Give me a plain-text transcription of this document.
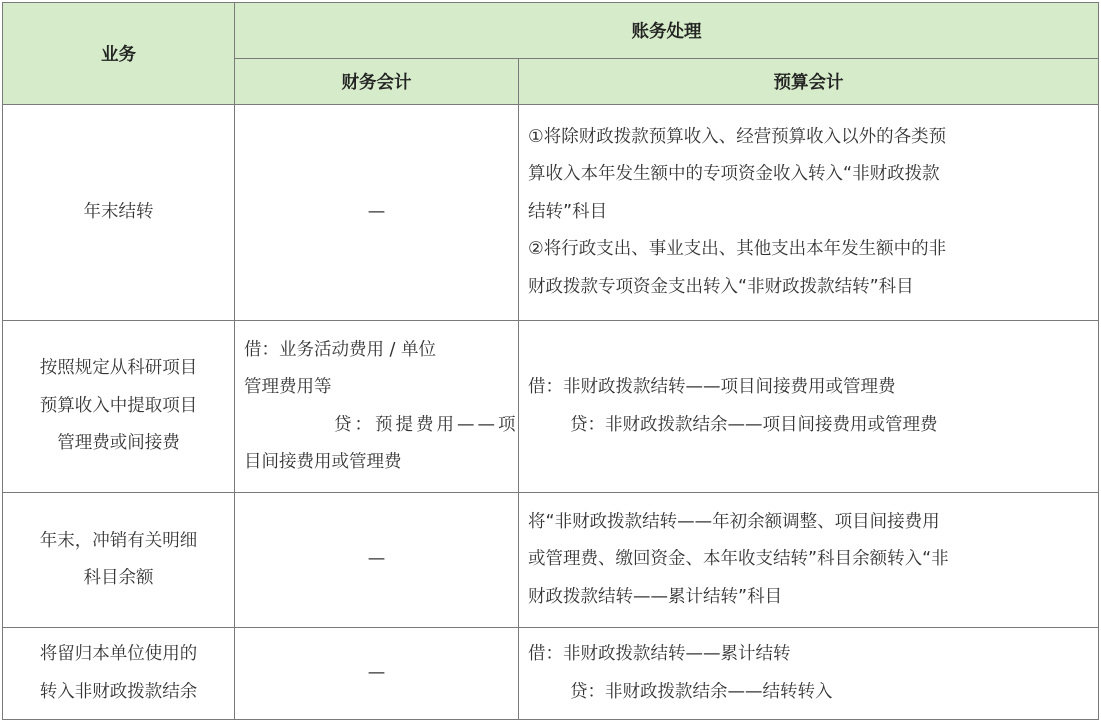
业务	账务处理	
	财务会计	预算会计

年末结转	—	①将除财政拨款预算收入、经营预算收入以外的各类预
算收入本年发生额中的专项资金收入转入“非财政拨款
结转”科目
②将行政支出、事业支出、其他支出本年发生额中的非
财政拨款专项资金支出转入“非财政拨款结转”科目

按照规定从科研项目
预算收入中提取项目
管理费或间接费	借：业务活动费用 / 单位
管理费用等
贷：预提费用——项
目间接费用或管理费	借：非财政拨款结转——项目间接费用或管理费
贷：非财政拨款结余——项目间接费用或管理费

年末，冲销有关明细
科目余额	—	将“非财政拨款结转——年初余额调整、项目间接费用
或管理费、缴回资金、本年收支结转”科目余额转入“非
财政拨款结转——累计结转”科目

将留归本单位使用的
转入非财政拨款结余	—	借：非财政拨款结转——累计结转
贷：非财政拨款结余——结转转入
